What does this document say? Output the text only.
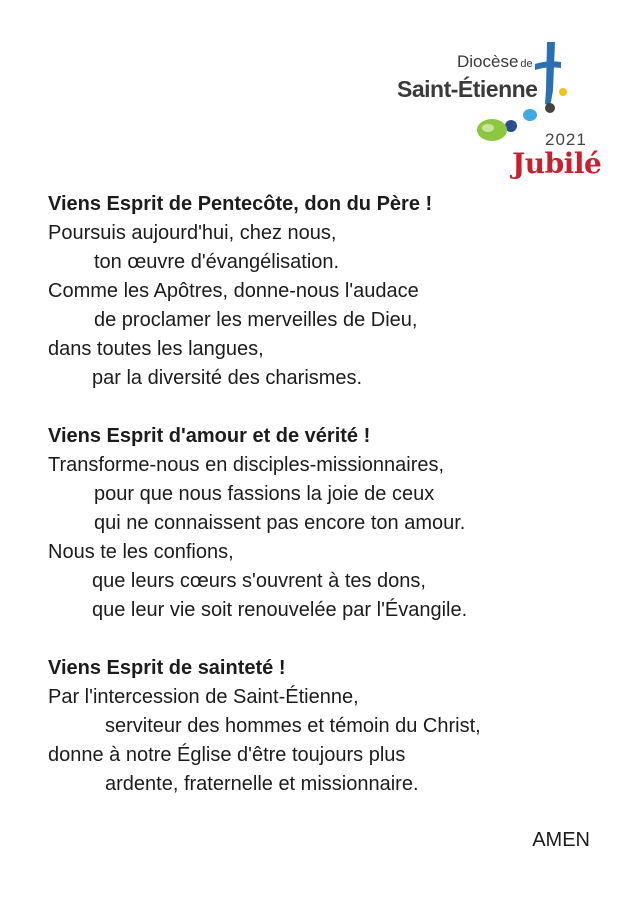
Diocèse de
Saint-Étienne
2021
Jubilé
Viens Esprit de Pentecôte, don du Père !
Poursuis aujourd'hui, chez nous,
ton œuvre d'évangélisation.
Comme les Apôtres, donne-nous l'audace
de proclamer les merveilles de Dieu,
dans toutes les langues,
par la diversité des charismes.
Viens Esprit d'amour et de vérité !
Transforme-nous en disciples-missionnaires,
pour que nous fassions la joie de ceux
qui ne connaissent pas encore ton amour.
Nous te les confions,
que leurs cœurs s'ouvrent à tes dons,
que leur vie soit renouvelée par l'Évangile.
Viens Esprit de sainteté !
Par l'intercession de Saint-Étienne,
serviteur des hommes et témoin du Christ,
donne à notre Église d'être toujours plus
ardente, fraternelle et missionnaire.
AMEN
